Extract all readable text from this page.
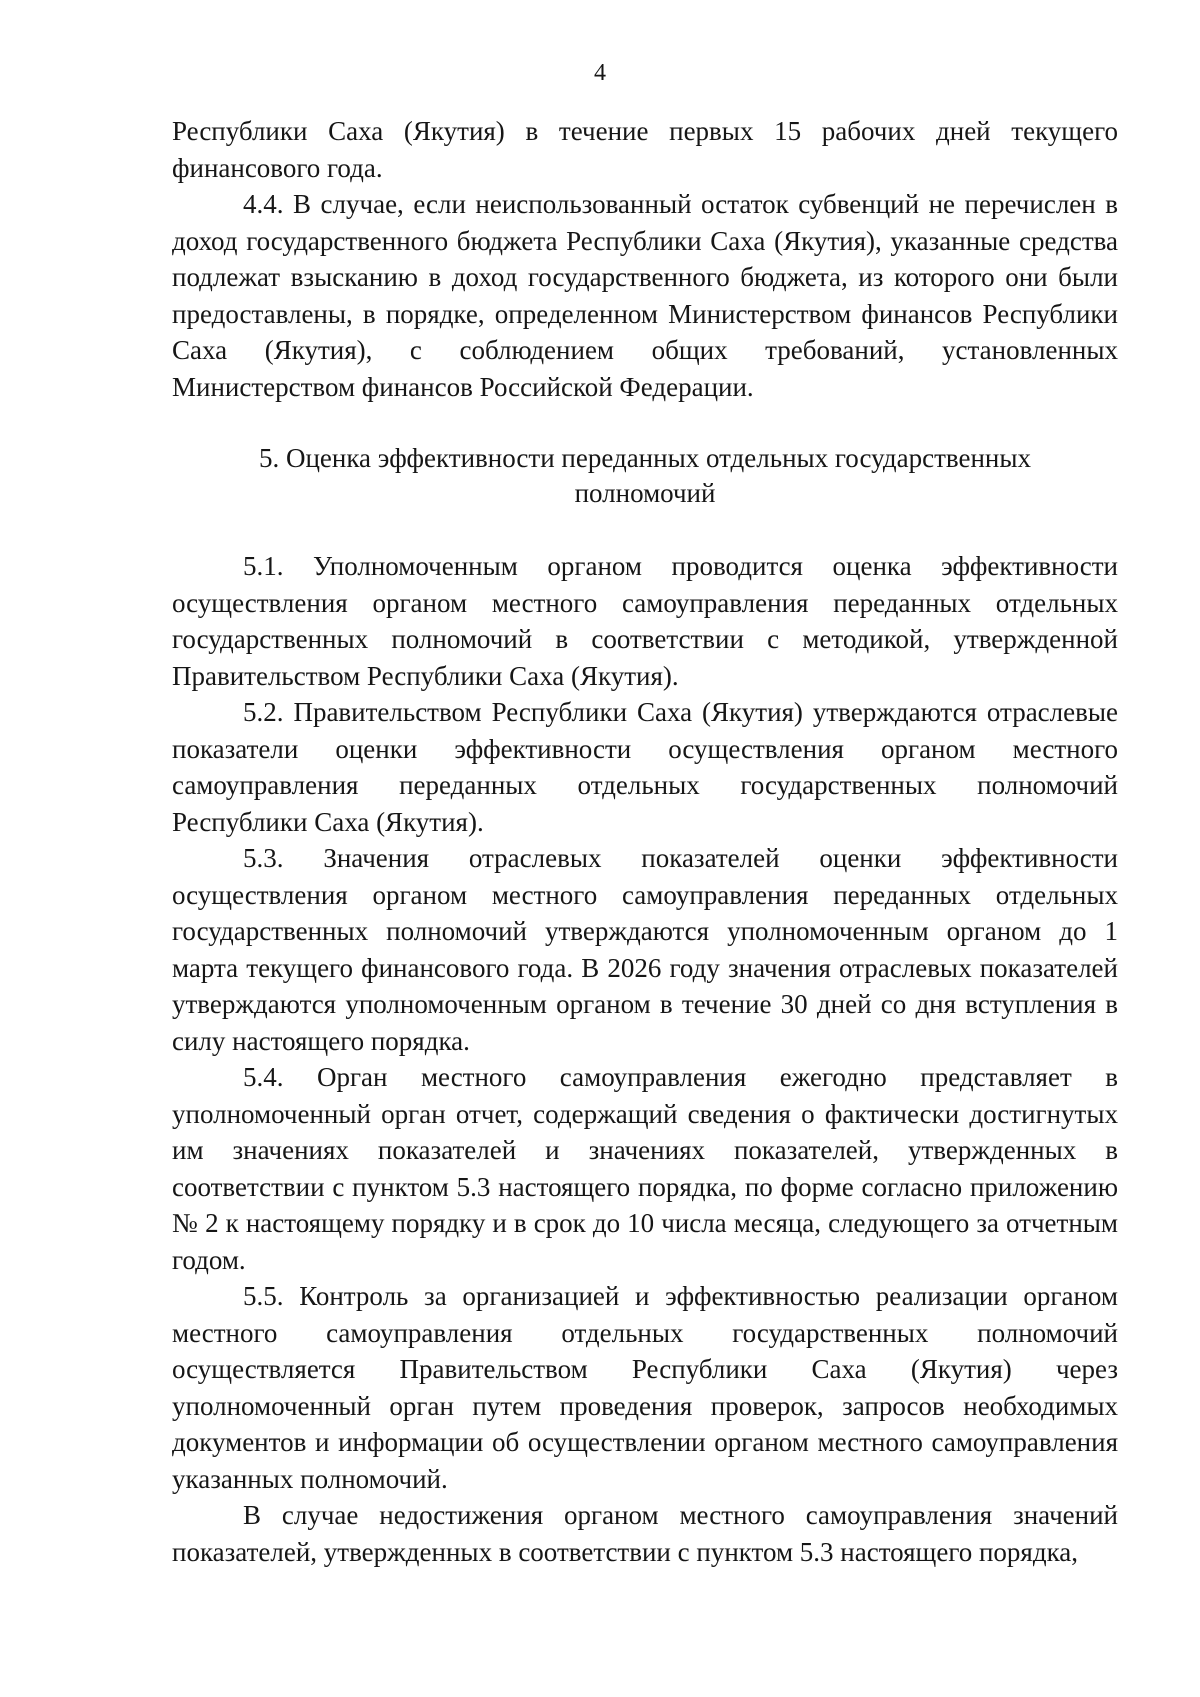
4

Республики Саха (Якутия) в течение первых 15 рабочих дней текущего финансового года.

4.4. В случае, если неиспользованный остаток субвенций не перечислен в доход государственного бюджета Республики Саха (Якутия), указанные средства подлежат взысканию в доход государственного бюджета, из которого они были предоставлены, в порядке, определенном Министерством финансов Республики Саха (Якутия), с соблюдением общих требований, установленных Министерством финансов Российской Федерации.

5. Оценка эффективности переданных отдельных государственных полномочий

5.1. Уполномоченным органом проводится оценка эффективности осуществления органом местного самоуправления переданных отдельных государственных полномочий в соответствии с методикой, утвержденной Правительством Республики Саха (Якутия).

5.2. Правительством Республики Саха (Якутия) утверждаются отраслевые показатели оценки эффективности осуществления органом местного самоуправления переданных отдельных государственных полномочий Республики Саха (Якутия).

5.3. Значения отраслевых показателей оценки эффективности осуществления органом местного самоуправления переданных отдельных государственных полномочий утверждаются уполномоченным органом до 1 марта текущего финансового года. В 2026 году значения отраслевых показателей утверждаются уполномоченным органом в течение 30 дней со дня вступления в силу настоящего порядка.

5.4. Орган местного самоуправления ежегодно представляет в уполномоченный орган отчет, содержащий сведения о фактически достигнутых им значениях показателей и значениях показателей, утвержденных в соответствии с пунктом 5.3 настоящего порядка, по форме согласно приложению № 2 к настоящему порядку и в срок до 10 числа месяца, следующего за отчетным годом.

5.5. Контроль за организацией и эффективностью реализации органом местного самоуправления отдельных государственных полномочий осуществляется Правительством Республики Саха (Якутия) через уполномоченный орган путем проведения проверок, запросов необходимых документов и информации об осуществлении органом местного самоуправления указанных полномочий.

В случае недостижения органом местного самоуправления значений показателей, утвержденных в соответствии с пунктом 5.3 настоящего порядка,
